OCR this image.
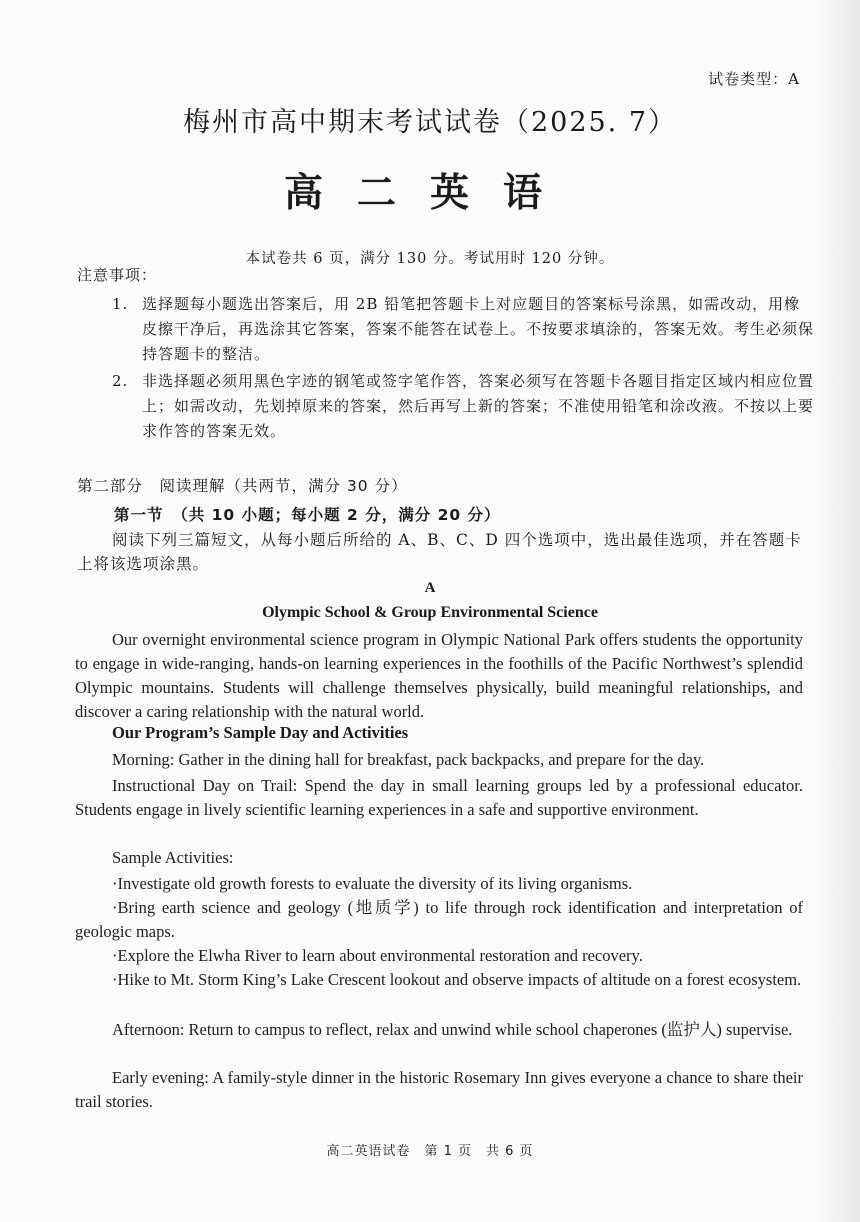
试卷类型：A
梅州市高中期末考试试卷（2025. 7）
高二英语
本试卷共 6 页，满分 130 分。考试用时 120 分钟。
注意事项：
1. 选择题每小题选出答案后，用 2B 铅笔把答题卡上对应题目的答案标号涂黑，如需改动，用橡皮擦干净后，再选涂其它答案，答案不能答在试卷上。不按要求填涂的，答案无效。考生必须保持答题卡的整洁。
2. 非选择题必须用黑色字迹的钢笔或签字笔作答，答案必须写在答题卡各题目指定区域内相应位置上；如需改动，先划掉原来的答案，然后再写上新的答案；不准使用铅笔和涂改液。不按以上要求作答的答案无效。
第二部分　阅读理解（共两节，满分 30 分）
第一节　（共 10 小题；每小题 2 分，满分 20 分）
阅读下列三篇短文，从每小题后所给的 A、B、C、D 四个选项中，选出最佳选项，并在答题卡上将该选项涂黑。
A
Olympic School & Group Environmental Science
Our overnight environmental science program in Olympic National Park offers students the opportunity to engage in wide-ranging, hands-on learning experiences in the foothills of the Pacific Northwest’s splendid Olympic mountains. Students will challenge themselves physically, build meaningful relationships, and discover a caring relationship with the natural world.
Our Program’s Sample Day and Activities
Morning: Gather in the dining hall for breakfast, pack backpacks, and prepare for the day.
Instructional Day on Trail: Spend the day in small learning groups led by a professional educator. Students engage in lively scientific learning experiences in a safe and supportive environment.
Sample Activities:
·Investigate old growth forests to evaluate the diversity of its living organisms.
·Bring earth science and geology (地质学) to life through rock identification and interpretation of geologic maps.
·Explore the Elwha River to learn about environmental restoration and recovery.
·Hike to Mt. Storm King’s Lake Crescent lookout and observe impacts of altitude on a forest ecosystem.
Afternoon: Return to campus to reflect, relax and unwind while school chaperones (监护人) supervise.
Early evening: A family-style dinner in the historic Rosemary Inn gives everyone a chance to share their trail stories.
高二英语试卷　第 1 页　共 6 页
